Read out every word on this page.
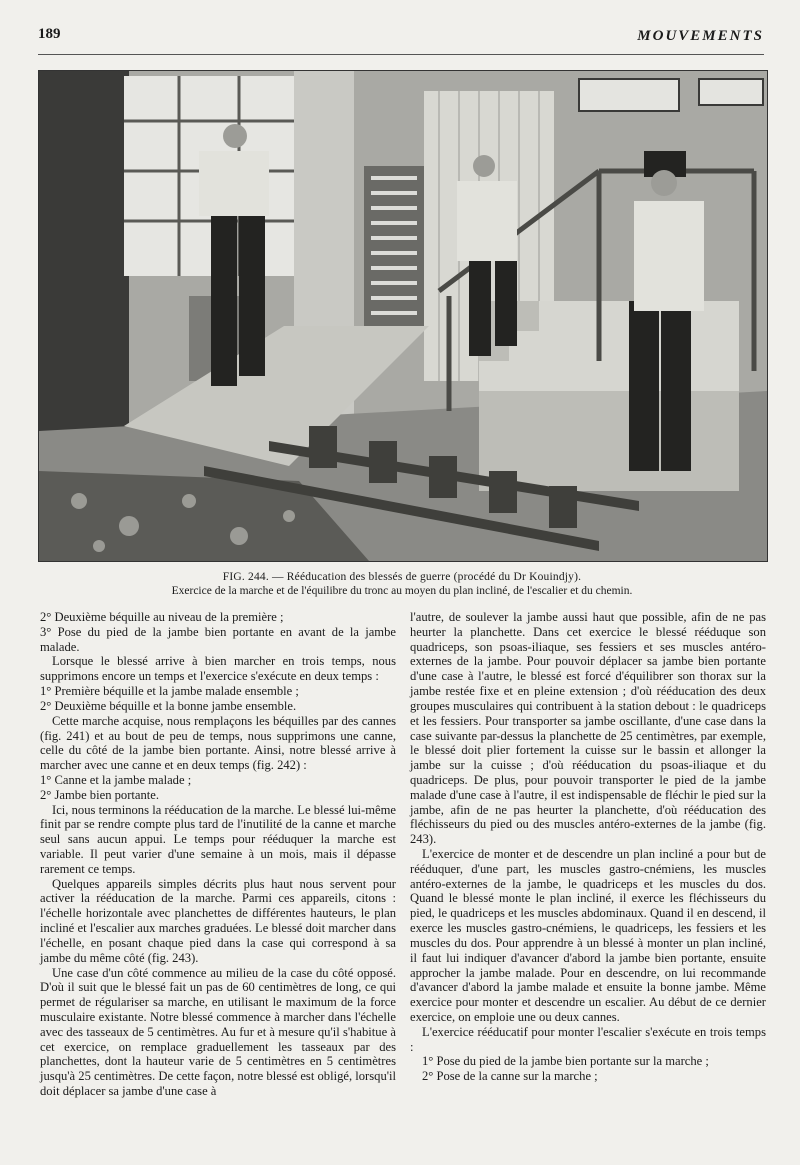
189	MOUVEMENTS
FIG. 244. — Rééducation des blessés de guerre (procédé du Dr Kouindjy).
Exercice de la marche et de l'équilibre du tronc au moyen du plan incliné, de l'escalier et du chemin.

2° Deuxième béquille au niveau de la première ;

3° Pose du pied de la jambe bien portante en avant de la jambe malade.

Lorsque le blessé arrive à bien marcher en trois temps, nous supprimons encore un temps et l'exercice s'exécute en deux temps :

1° Première béquille et la jambe malade ensemble ;

2° Deuxième béquille et la bonne jambe ensemble.

Cette marche acquise, nous remplaçons les béquilles par des cannes (fig. 241) et au bout de peu de temps, nous supprimons une canne, celle du côté de la jambe bien portante. Ainsi, notre blessé arrive à marcher avec une canne et en deux temps (fig. 242) :

1° Canne et la jambe malade ;

2° Jambe bien portante.

Ici, nous terminons la rééducation de la marche. Le blessé lui-même finit par se rendre compte plus tard de l'inutilité de la canne et marche seul sans aucun appui. Le temps pour rééduquer la marche est variable. Il peut varier d'une semaine à un mois, mais il dépasse rarement ce temps.

Quelques appareils simples décrits plus haut nous servent pour activer la rééducation de la marche. Parmi ces appareils, citons : l'échelle horizontale avec planchettes de différentes hauteurs, le plan incliné et l'escalier aux marches graduées. Le blessé doit marcher dans l'échelle, en posant chaque pied dans la case qui correspond à sa jambe du même côté (fig. 243).

Une case d'un côté commence au milieu de la case du côté opposé. D'où il suit que le blessé fait un pas de 60 centimètres de long, ce qui permet de régulariser sa marche, en utilisant le maximum de la force musculaire existante. Notre blessé commence à marcher dans l'échelle avec des tasseaux de 5 centimètres. Au fur et à mesure qu'il s'habitue à cet exercice, on remplace graduellement les tasseaux par des planchettes, dont la hauteur varie de 5 centimètres en 5 centimètres jusqu'à 25 centimètres. De cette façon, notre blessé est obligé, lorsqu'il doit déplacer sa jambe d'une case à

l'autre, de soulever la jambe aussi haut que possible, afin de ne pas heurter la planchette. Dans cet exercice le blessé rééduque son quadriceps, son psoas-iliaque, ses fessiers et ses muscles antéro-externes de la jambe. Pour pouvoir déplacer sa jambe bien portante d'une case à l'autre, le blessé est forcé d'équilibrer son thorax sur la jambe restée fixe et en pleine extension ; d'où rééducation des deux groupes musculaires qui contribuent à la station debout : le quadriceps et les fessiers. Pour transporter sa jambe oscillante, d'une case dans la case suivante par-dessus la planchette de 25 centimètres, par exemple, le blessé doit plier fortement la cuisse sur le bassin et allonger la jambe sur la cuisse ; d'où rééducation du psoas-iliaque et du quadriceps. De plus, pour pouvoir transporter le pied de la jambe malade d'une case à l'autre, il est indispensable de fléchir le pied sur la jambe, afin de ne pas heurter la planchette, d'où rééducation des fléchisseurs du pied ou des muscles antéro-externes de la jambe (fig. 243).

L'exercice de monter et de descendre un plan incliné a pour but de rééduquer, d'une part, les muscles gastro-cnémiens, les muscles antéro-externes de la jambe, le quadriceps et les muscles du dos. Quand le blessé monte le plan incliné, il exerce les fléchisseurs du pied, le quadriceps et les muscles abdominaux. Quand il en descend, il exerce les muscles gastro-cnémiens, le quadriceps, les fessiers et les muscles du dos. Pour apprendre à un blessé à monter un plan incliné, il faut lui indiquer d'avancer d'abord la jambe bien portante, ensuite approcher la jambe malade. Pour en descendre, on lui recommande d'avancer d'abord la jambe malade et ensuite la bonne jambe. Même exercice pour monter et descendre un escalier. Au début de ce dernier exercice, on emploie une ou deux cannes.

L'exercice rééducatif pour monter l'escalier s'exécute en trois temps :

1° Pose du pied de la jambe bien portante sur la marche ;

2° Pose de la canne sur la marche ;
